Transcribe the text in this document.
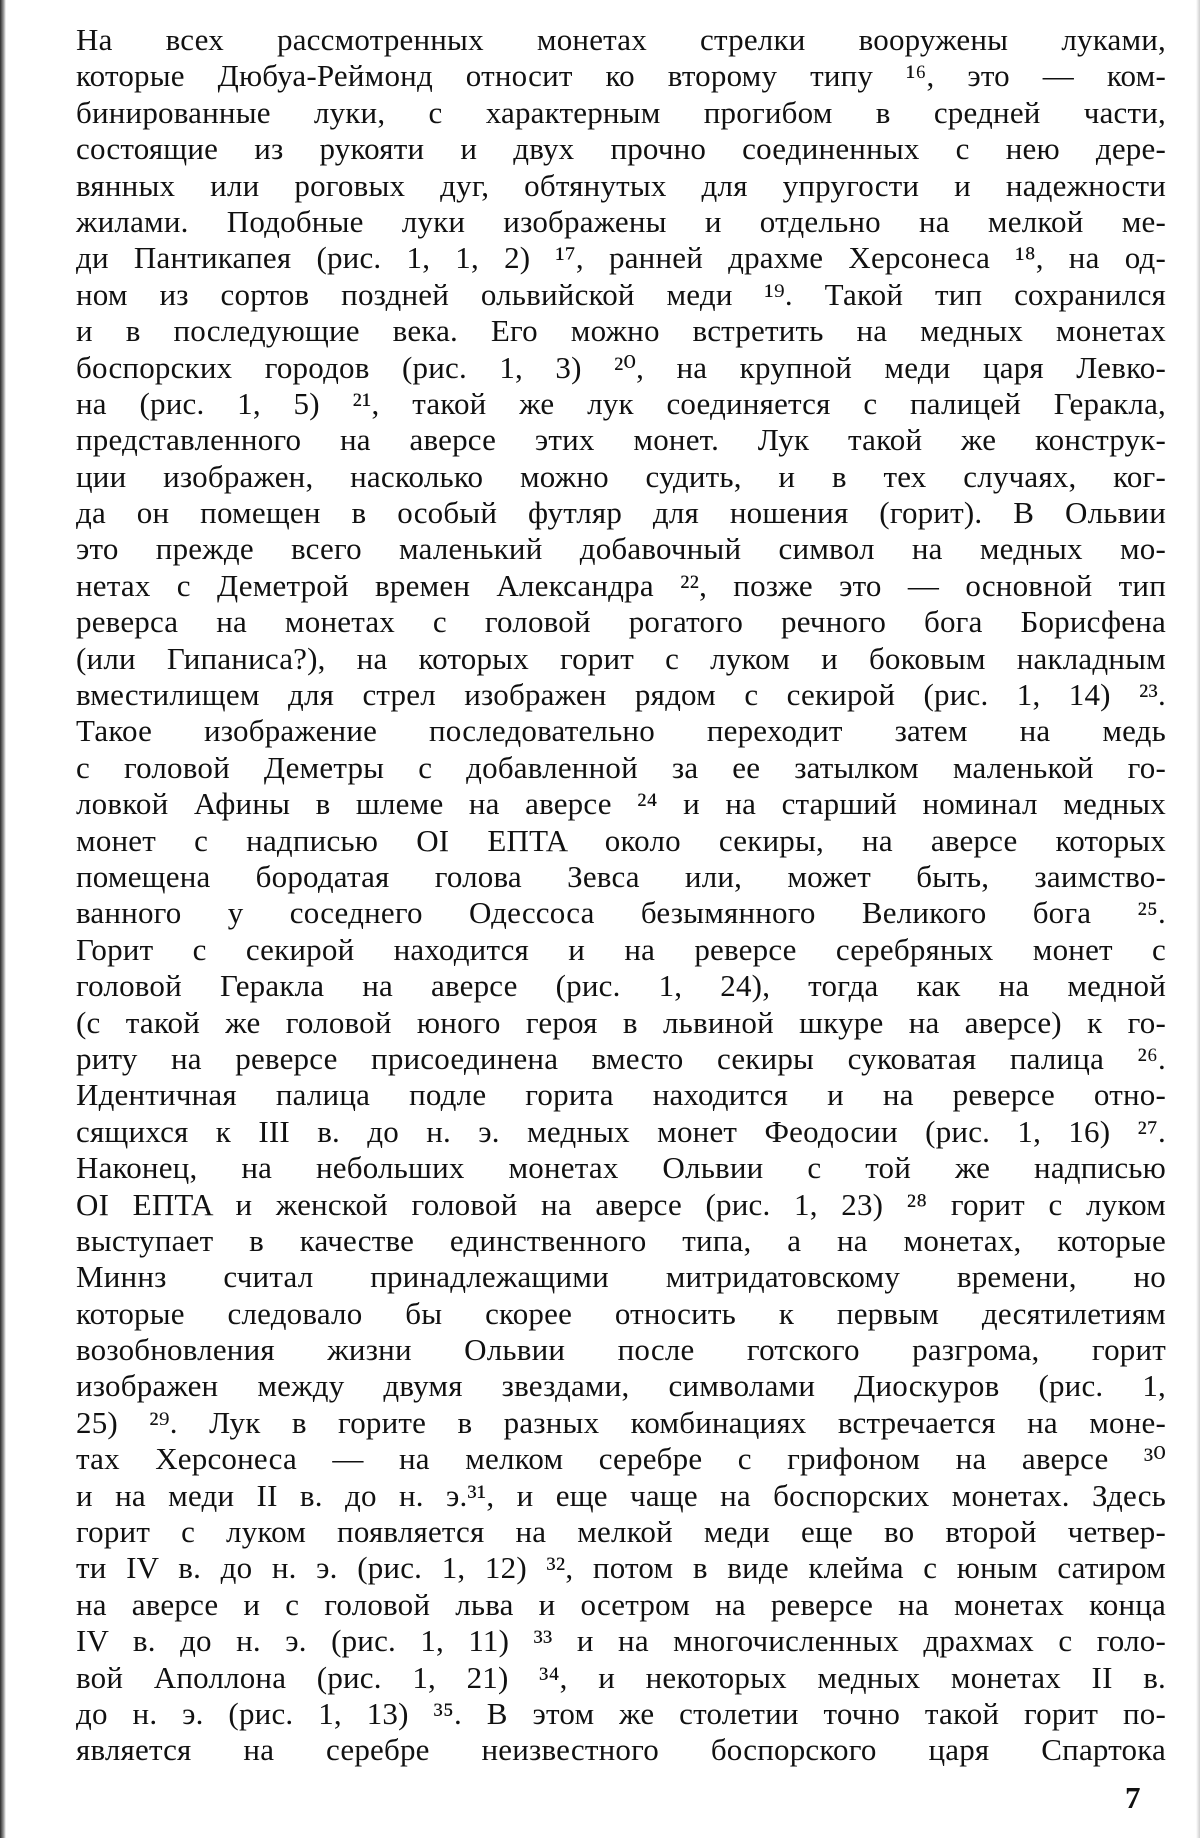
На всех рассмотренных монетах стрелки вооружены луками,
которые Дюбуа-Реймонд относит ко второму типу ¹⁶, это — ком-
бинированные луки, с характерным прогибом в средней части,
состоящие из рукояти и двух прочно соединенных с нею дере-
вянных или роговых дуг, обтянутых для упругости и надежности
жилами. Подобные луки изображены и отдельно на мелкой ме-
ди Пантикапея (рис. 1, 1, 2) ¹⁷, ранней драхме Херсонеса ¹⁸, на од-
ном из сортов поздней ольвийской меди ¹⁹. Такой тип сохранился
и в последующие века. Его можно встретить на медных монетах
боспорских городов (рис. 1, 3) ²⁰, на крупной меди царя Левко-
на (рис. 1, 5) ²¹, такой же лук соединяется с палицей Геракла,
представленного на аверсе этих монет. Лук такой же конструк-
ции изображен, насколько можно судить, и в тех случаях, ког-
да он помещен в особый футляр для ношения (горит). В Ольвии
это прежде всего маленький добавочный символ на медных мо-
нетах с Деметрой времен Александра ²², позже это — основной тип
реверса на монетах с головой рогатого речного бога Борисфена
(или Гипаниса?), на которых горит с луком и боковым накладным
вместилищем для стрел изображен рядом с секирой (рис. 1, 14) ²³.
Такое изображение последовательно переходит затем на медь
с головой Деметры с добавленной за ее затылком маленькой го-
ловкой Афины в шлеме на аверсе ²⁴ и на старший номинал медных
монет с надписью ΟΙ ΕΠΤΑ около секиры, на аверсе которых
помещена бородатая голова Зевса или, может быть, заимство-
ванного у соседнего Одессоса безымянного Великого бога ²⁵.
Горит с секирой находится и на реверсе серебряных монет с
головой Геракла на аверсе (рис. 1, 24), тогда как на медной
(с такой же головой юного героя в львиной шкуре на аверсе) к го-
риту на реверсе присоединена вместо секиры суковатая палица ²⁶.
Идентичная палица подле горита находится и на реверсе отно-
сящихся к III в. до н. э. медных монет Феодосии (рис. 1, 16) ²⁷.
Наконец, на небольших монетах Ольвии с той же надписью
ΟΙ ΕΠΤΑ и женской головой на аверсе (рис. 1, 23) ²⁸ горит с луком
выступает в качестве единственного типа, а на монетах, которые
Миннз считал принадлежащими митридатовскому времени, но
которые следовало бы скорее относить к первым десятилетиям
возобновления жизни Ольвии после готского разгрома, горит
изображен между двумя звездами, символами Диоскуров (рис. 1,
25) ²⁹. Лук в горите в разных комбинациях встречается на моне-
тах Херсонеса — на мелком серебре с грифоном на аверсе ³⁰
и на меди II в. до н. э.³¹, и еще чаще на боспорских монетах. Здесь
горит с луком появляется на мелкой меди еще во второй четвер-
ти IV в. до н. э. (рис. 1, 12) ³², потом в виде клейма с юным сатиром
на аверсе и с головой льва и осетром на реверсе на монетах конца
IV в. до н. э. (рис. 1, 11) ³³ и на многочисленных драхмах с голо-
вой Аполлона (рис. 1, 21) ³⁴, и некоторых медных монетах II в.
до н. э. (рис. 1, 13) ³⁵. В этом же столетии точно такой горит по-
является на серебре неизвестного боспорского царя Спартока
7
